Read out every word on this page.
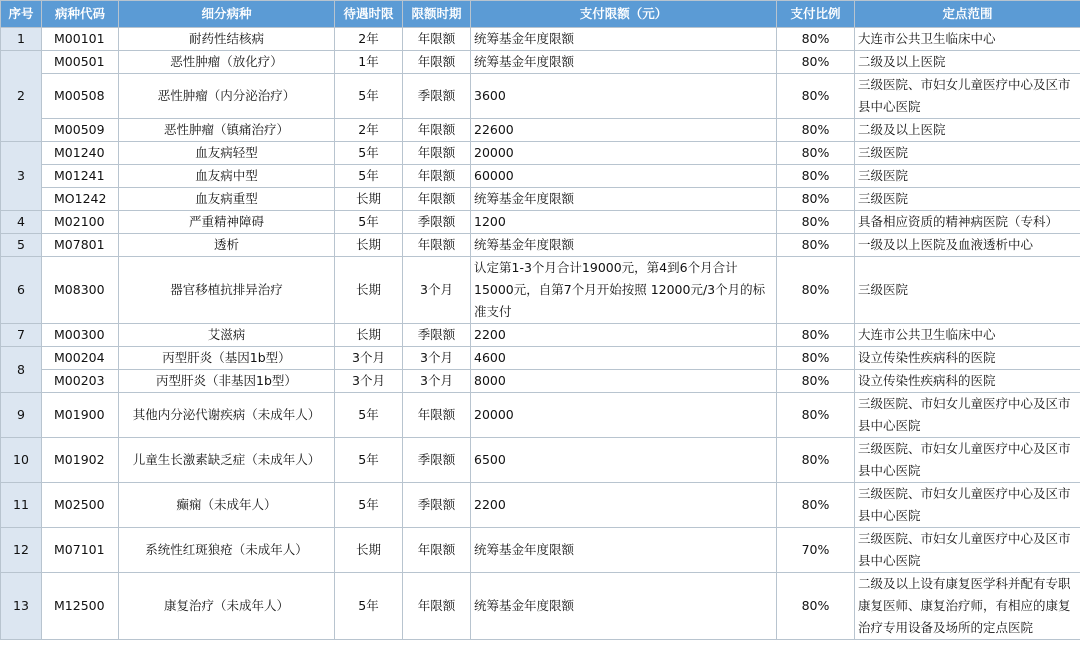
序号	病种代码	细分病种	待遇时限	限额时期	支付限额（元）	支付比例	定点范围
1	M00101	耐药性结核病	2年	年限额	统筹基金年度限额	80%	大连市公共卫生临床中心
2	M00501	恶性肿瘤（放化疗）	1年	年限额	统筹基金年度限额	80%	二级及以上医院
	M00508	恶性肿瘤（内分泌治疗）	5年	季限额	3600	80%	三级医院、市妇女儿童医疗中心及区市县中心医院
	M00509	恶性肿瘤（镇痛治疗）	2年	年限额	22600	80%	二级及以上医院
3	M01240	血友病轻型	5年	年限额	20000	80%	三级医院
	M01241	血友病中型	5年	年限额	60000	80%	三级医院
	MO1242	血友病重型	长期	年限额	统筹基金年度限额	80%	三级医院
4	M02100	严重精神障碍	5年	季限额	1200	80%	具备相应资质的精神病医院（专科）
5	M07801	透析	长期	年限额	统筹基金年度限额	80%	一级及以上医院及血液透析中心
6	M08300	器官移植抗排异治疗	长期	3个月	认定第1-3个月合计19000元，第4到6个月合计15000元，自第7个月开始按照 12000元/3个月的标准支付	80%	三级医院
7	M00300	艾滋病	长期	季限额	2200	80%	大连市公共卫生临床中心
8	M00204	丙型肝炎（基因1b型）	3个月	3个月	4600	80%	设立传染性疾病科的医院
	M00203	丙型肝炎（非基因1b型）	3个月	3个月	8000	80%	设立传染性疾病科的医院
9	M01900	其他内分泌代谢疾病（未成年人）	5年	年限额	20000	80%	三级医院、市妇女儿童医疗中心及区市县中心医院
10	M01902	儿童生长激素缺乏症（未成年人）	5年	季限额	6500	80%	三级医院、市妇女儿童医疗中心及区市县中心医院
11	M02500	癫痫（未成年人）	5年	季限额	2200	80%	三级医院、市妇女儿童医疗中心及区市县中心医院
12	M07101	系统性红斑狼疮（未成年人）	长期	年限额	统筹基金年度限额	70%	三级医院、市妇女儿童医疗中心及区市县中心医院
13	M12500	康复治疗（未成年人）	5年	年限额	统筹基金年度限额	80%	二级及以上设有康复医学科并配有专职康复医师、康复治疗师，有相应的康复治疗专用设备及场所的定点医院
